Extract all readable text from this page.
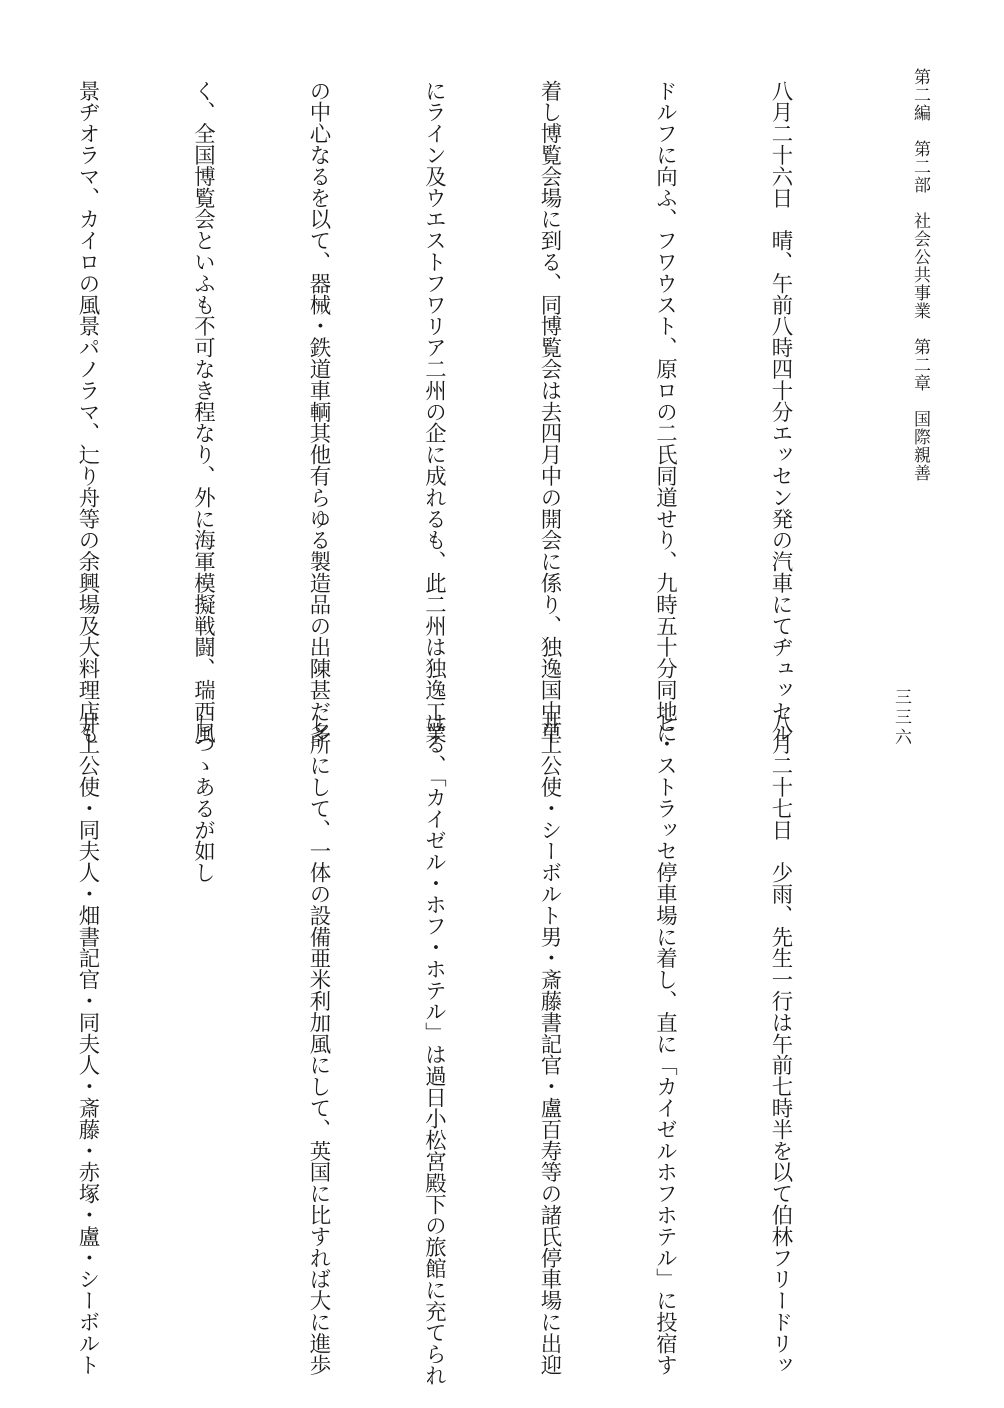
第二編　第二部　社会公共事業　第二章　国際親善
三三六

八月二十六日　晴、午前八時四十分エッセン発の汽車にてヂュッセル

ドルフに向ふ、フワウスト、原ロの二氏同道せり、九時五十分同地に

着し博覧会場に到る、同博覧会は去四月中の開会に係り、独逸国中単

にライン及ウエストフワリア二州の企に成れるも、此二州は独逸工業

の中心なるを以て、器械・鉄道車輌其他有らゆる製造品の出陳甚だ多

く、全国博覧会といふも不可なき程なり、外に海軍模擬戦闘、瑞西風

景ヂオラマ、カイロの風景パノラマ、辷り舟等の余興場及大料理店も

八月二十七日　少雨、先生一行は午前七時半を以て伯林フリードリッ

ヒ・ストラッセ停車場に着し、直に「カイゼルホフホテル」に投宿す

井上公使・シーボルト男・斎藤書記官・盧百寿等の諸氏停車場に出迎

はる、「カイゼル・ホフ・ホテル」は過日小松宮殿下の旅館に充てられ

し所にして、一体の設備亜米利加風にして、英国に比すれば大に進歩

しつゝあるが如し

井上公使・同夫人・畑書記官・同夫人・斎藤・赤塚・盧・シーボルト
